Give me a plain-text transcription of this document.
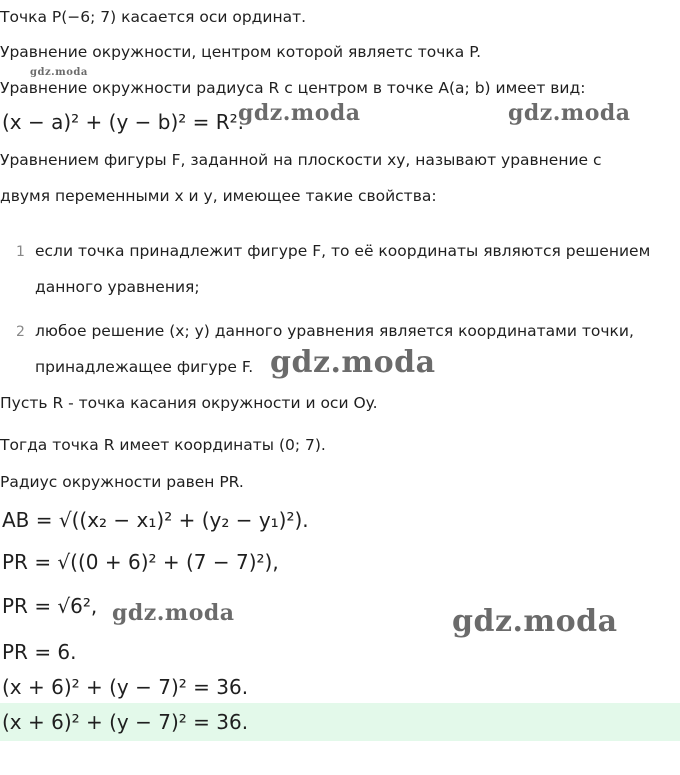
Точка P(−6; 7) касается оси ординат.
Уравнение окружности, центром которой являетс точка P.
Уравнение окружности радиуса R с центром в точке A(a; b) имеет вид:
(x − a)² + (y − b)² = R².
Уравнением фигуры F, заданной на плоскости xy, называют уравнение с
двумя переменными x и y, имеющее такие свойства:
1 если точка принадлежит фигуре F, то её координаты являются решением
данного уравнения;
2 любое решение (x; y) данного уравнения является координатами точки,
принадлежащее фигуре F.
Пусть R - точка касания окружности и оси Oy.
Тогда точка R имеет координаты (0; 7).
Радиус окружности равен PR.
AB = √((x₂ − x₁)² + (y₂ − y₁)²).
PR = √((0 + 6)² + (7 − 7)²),
PR = √6²,
PR = 6.
(x + 6)² + (y − 7)² = 36.
(x + 6)² + (y − 7)² = 36.
gdz.moda
gdz.moda	gdz.moda
gdz.moda
gdz.moda	gdz.moda
